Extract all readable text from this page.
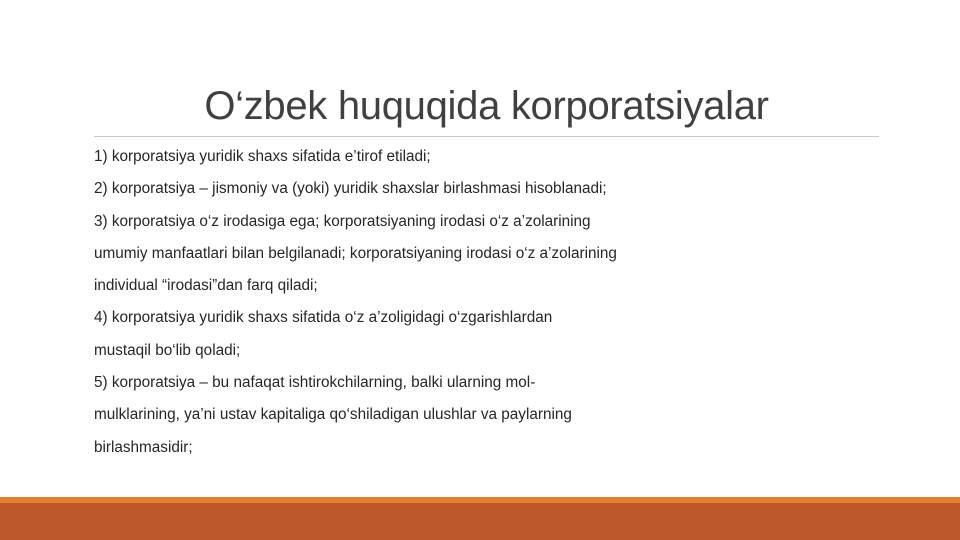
O‘zbek huquqida korporatsiyalar
1) korporatsiya yuridik shaxs sifatida e’tirof etiladi;
2) korporatsiya – jismoniy va (yoki) yuridik shaxslar birlashmasi hisoblanadi;
3) korporatsiya o‘z irodasiga ega; korporatsiyaning irodasi o‘z a’zolarining
umumiy manfaatlari bilan belgilanadi; korporatsiyaning irodasi o‘z a’zolarining
individual “irodasi”dan farq qiladi;
4) korporatsiya yuridik shaxs sifatida o‘z a’zoligidagi o‘zgarishlardan
mustaqil bo‘lib qoladi;
5) korporatsiya – bu nafaqat ishtirokchilarning, balki ularning mol-
mulklarining, ya’ni ustav kapitaliga qo‘shiladigan ulushlar va paylarning
birlashmasidir;
